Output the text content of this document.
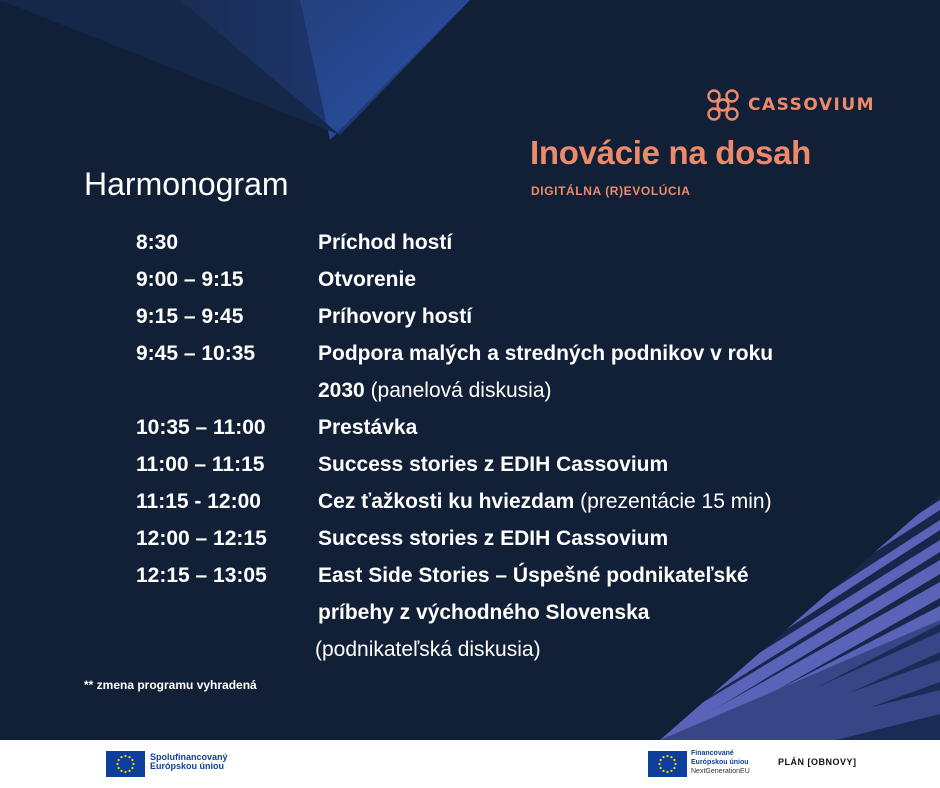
CASSOVIUM
Inovácie na dosah
DIGITÁLNA (R)EVOLÚCIA
Harmonogram
8:30	Príchod hostí
9:00 – 9:15	Otvorenie
9:15 – 9:45	Príhovory hostí
9:45 – 10:35	Podpora malých a stredných podnikov v roku
2030 (panelová diskusia)
10:35 – 11:00	Prestávka
11:00 – 11:15	Success stories z EDIH Cassovium
11:15 - 12:00	Cez ťažkosti ku hviezdam (prezentácie 15 min)
12:00 – 12:15	Success stories z EDIH Cassovium
12:15 – 13:05	East Side Stories – Úspešné podnikateľské
príbehy z východného Slovenska
(podnikateľská diskusia)
** zmena programu vyhradená
Spolufinancovaný
Európskou úniou
Financované
Európskou úniou
NextGenerationEU
PLÁN [OBNOVY]
